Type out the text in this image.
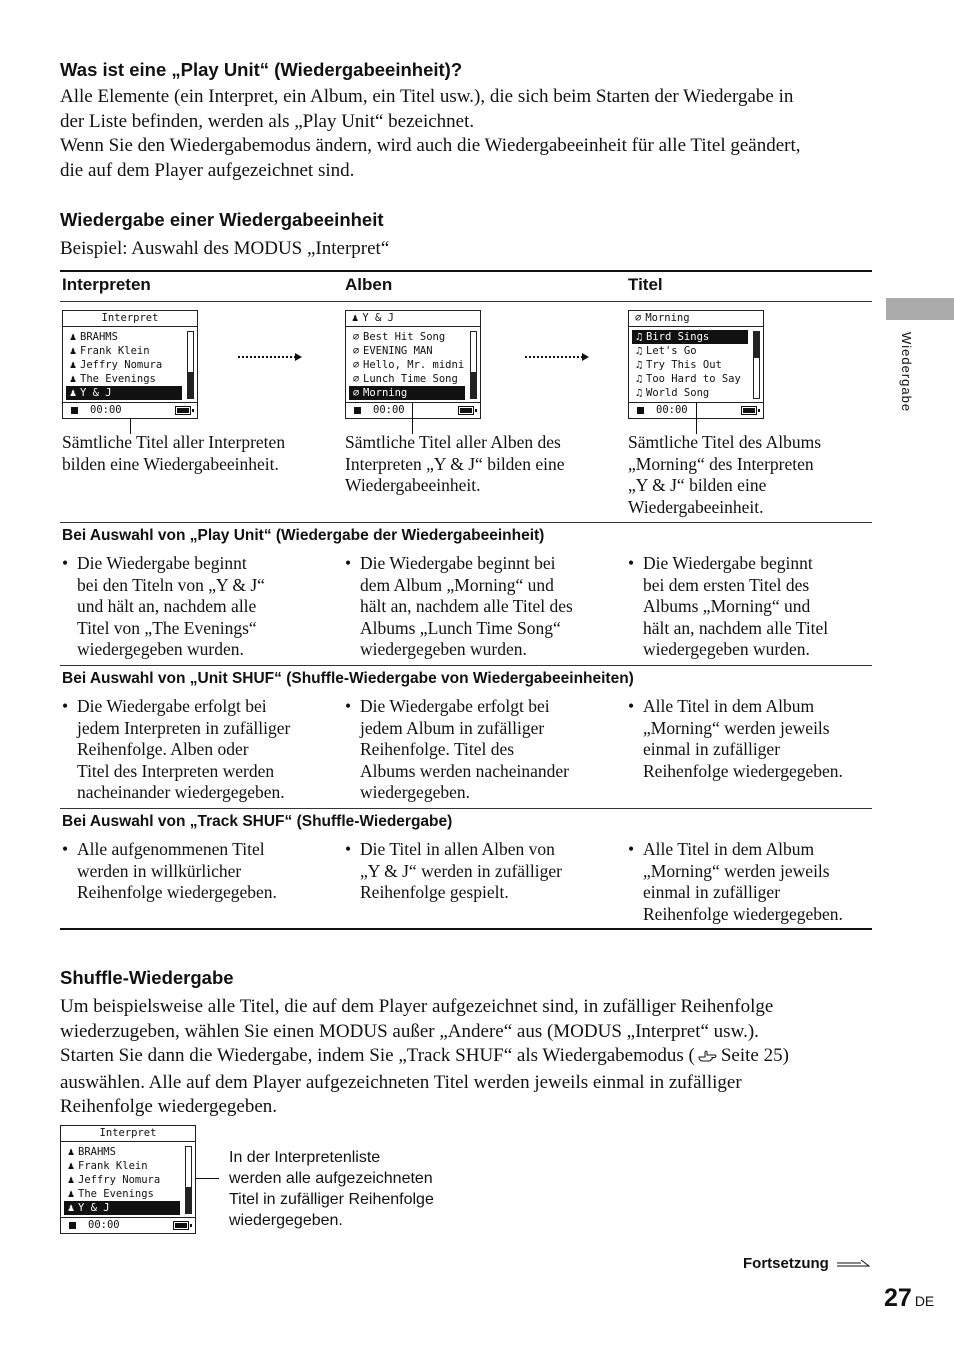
Was ist eine „Play Unit“ (Wiedergabeeinheit)?
Alle Elemente (ein Interpret, ein Album, ein Titel usw.), die sich beim Starten der Wiedergabe in
der Liste befinden, werden als „Play Unit“ bezeichnet.
Wenn Sie den Wiedergabemodus ändern, wird auch die Wiedergabeeinheit für alle Titel geändert,
die auf dem Player aufgezeichnet sind.
Wiedergabe einer Wiedergabeeinheit
Beispiel: Auswahl des MODUS „Interpret“
Interpreten	Alben	Titel
Interpret
♟ BRAHMS
♟ Frank Klein
♟ Jeffry Nomura
♟ The Evenings
♟ Y & J
00:00
♟ Y & J
⌀ Best Hit Song
⌀ EVENING MAN
⌀ Hello, Mr. midni
⌀ Lunch Time Song
⌀ Morning
00:00
⌀ Morning
♫ Bird Sings
♫ Let's Go
♫ Try This Out
♫ Too Hard to Say
♫ World Song
00:00
Sämtliche Titel aller Interpreten
bilden eine Wiedergabeeinheit.
Sämtliche Titel aller Alben des
Interpreten „Y & J“ bilden eine
Wiedergabeeinheit.
Sämtliche Titel des Albums
„Morning“ des Interpreten
„Y & J“ bilden eine
Wiedergabeeinheit.
Bei Auswahl von „Play Unit“ (Wiedergabe der Wiedergabeeinheit)
• Die Wiedergabe beginnt
bei den Titeln von „Y & J“
und hält an, nachdem alle
Titel von „The Evenings“
wiedergegeben wurden.
• Die Wiedergabe beginnt bei
dem Album „Morning“ und
hält an, nachdem alle Titel des
Albums „Lunch Time Song“
wiedergegeben wurden.
• Die Wiedergabe beginnt
bei dem ersten Titel des
Albums „Morning“ und
hält an, nachdem alle Titel
wiedergegeben wurden.
Bei Auswahl von „Unit SHUF“ (Shuffle-Wiedergabe von Wiedergabeeinheiten)
• Die Wiedergabe erfolgt bei
jedem Interpreten in zufälliger
Reihenfolge. Alben oder
Titel des Interpreten werden
nacheinander wiedergegeben.
• Die Wiedergabe erfolgt bei
jedem Album in zufälliger
Reihenfolge. Titel des
Albums werden nacheinander
wiedergegeben.
• Alle Titel in dem Album
„Morning“ werden jeweils
einmal in zufälliger
Reihenfolge wiedergegeben.
Bei Auswahl von „Track SHUF“ (Shuffle-Wiedergabe)
• Alle aufgenommenen Titel
werden in willkürlicher
Reihenfolge wiedergegeben.
• Die Titel in allen Alben von
„Y & J“ werden in zufälliger
Reihenfolge gespielt.
• Alle Titel in dem Album
„Morning“ werden jeweils
einmal in zufälliger
Reihenfolge wiedergegeben.
Shuffle-Wiedergabe
Um beispielsweise alle Titel, die auf dem Player aufgezeichnet sind, in zufälliger Reihenfolge
wiederzugeben, wählen Sie einen MODUS außer „Andere“ aus (MODUS „Interpret“ usw.).
Starten Sie dann die Wiedergabe, indem Sie „Track SHUF“ als Wiedergabemodus ( Seite 25)
auswählen. Alle auf dem Player aufgezeichneten Titel werden jeweils einmal in zufälliger
Reihenfolge wiedergegeben.
Interpret
♟ BRAHMS
♟ Frank Klein
♟ Jeffry Nomura
♟ The Evenings
♟ Y & J
00:00
In der Interpretenliste
werden alle aufgezeichneten
Titel in zufälliger Reihenfolge
wiedergegeben.
Wiedergabe
Fortsetzung
27 DE
